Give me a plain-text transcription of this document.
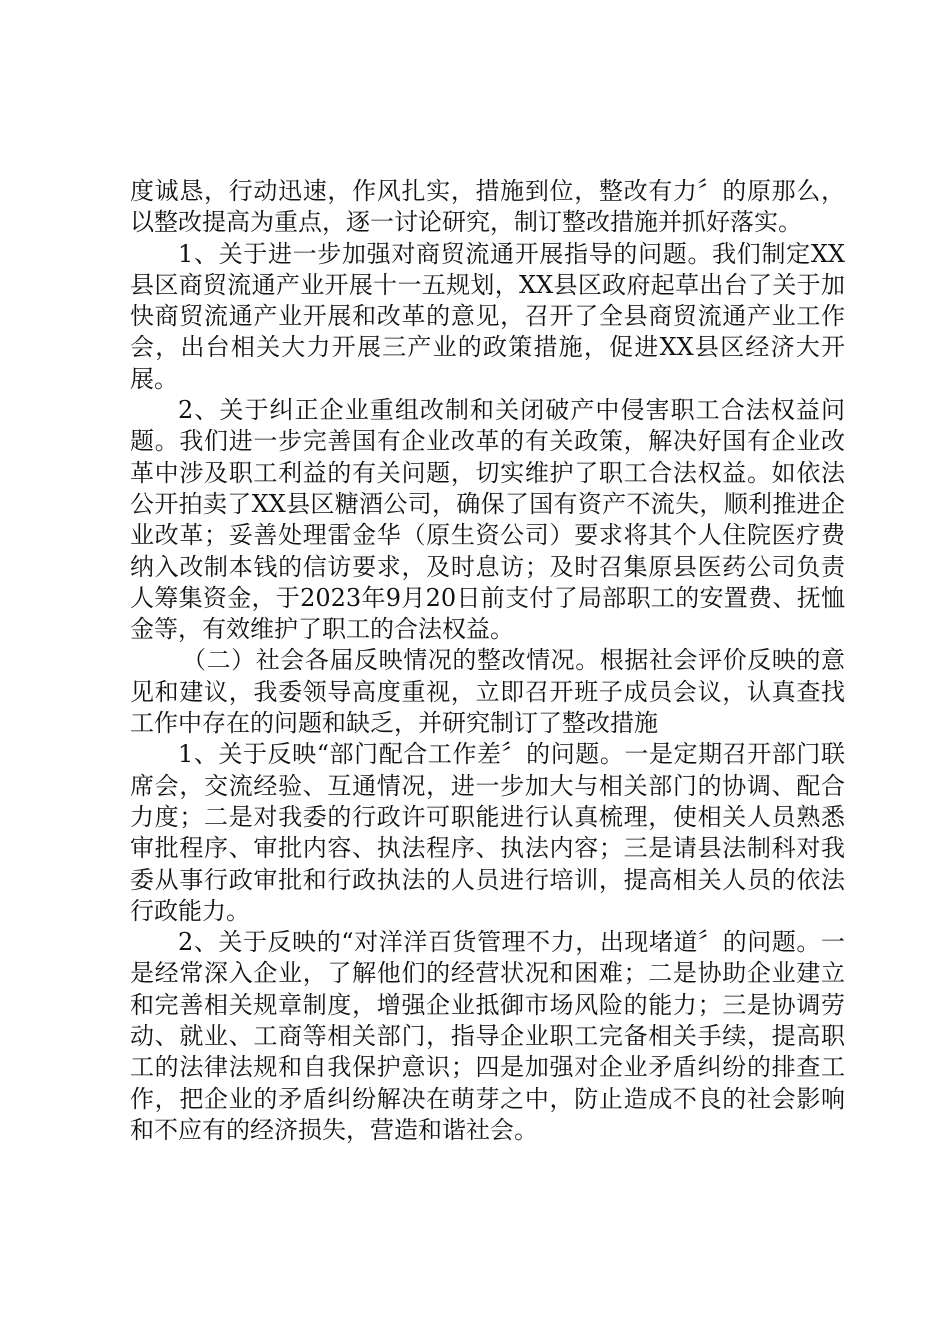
度诚恳，行动迅速，作风扎实，措施到位，整改有力〞的原那么，以整改提高为重点，逐一讨论研究，制订整改措施并抓好落实。

1、关于进一步加强对商贸流通开展指导的问题。我们制定XX县区商贸流通产业开展十一五规划，XX县区政府起草出台了关于加快商贸流通产业开展和改革的意见，召开了全县商贸流通产业工作会，出台相关大力开展三产业的政策措施，促进XX县区经济大开展。

2、关于纠正企业重组改制和关闭破产中侵害职工合法权益问题。我们进一步完善国有企业改革的有关政策，解决好国有企业改革中涉及职工利益的有关问题，切实维护了职工合法权益。如依法公开拍卖了XX县区糖酒公司，确保了国有资产不流失，顺利推进企业改革；妥善处理雷金华（原生资公司）要求将其个人住院医疗费纳入改制本钱的信访要求，及时息访；及时召集原县医药公司负责人筹集资金，于2023年9月20日前支付了局部职工的安置费、抚恤金等，有效维护了职工的合法权益。

（二）社会各届反映情况的整改情况。根据社会评价反映的意见和建议，我委领导高度重视，立即召开班子成员会议，认真查找工作中存在的问题和缺乏，并研究制订了整改措施

1、关于反映“部门配合工作差〞的问题。一是定期召开部门联席会，交流经验、互通情况，进一步加大与相关部门的协调、配合力度；二是对我委的行政许可职能进行认真梳理，使相关人员熟悉审批程序、审批内容、执法程序、执法内容；三是请县法制科对我委从事行政审批和行政执法的人员进行培训，提高相关人员的依法行政能力。

2、关于反映的“对洋洋百货管理不力，出现堵道〞的问题。一是经常深入企业，了解他们的经营状况和困难；二是协助企业建立和完善相关规章制度，增强企业抵御市场风险的能力；三是协调劳动、就业、工商等相关部门，指导企业职工完备相关手续，提高职工的法律法规和自我保护意识；四是加强对企业矛盾纠纷的排查工作，把企业的矛盾纠纷解决在萌芽之中，防止造成不良的社会影响和不应有的经济损失，营造和谐社会。
